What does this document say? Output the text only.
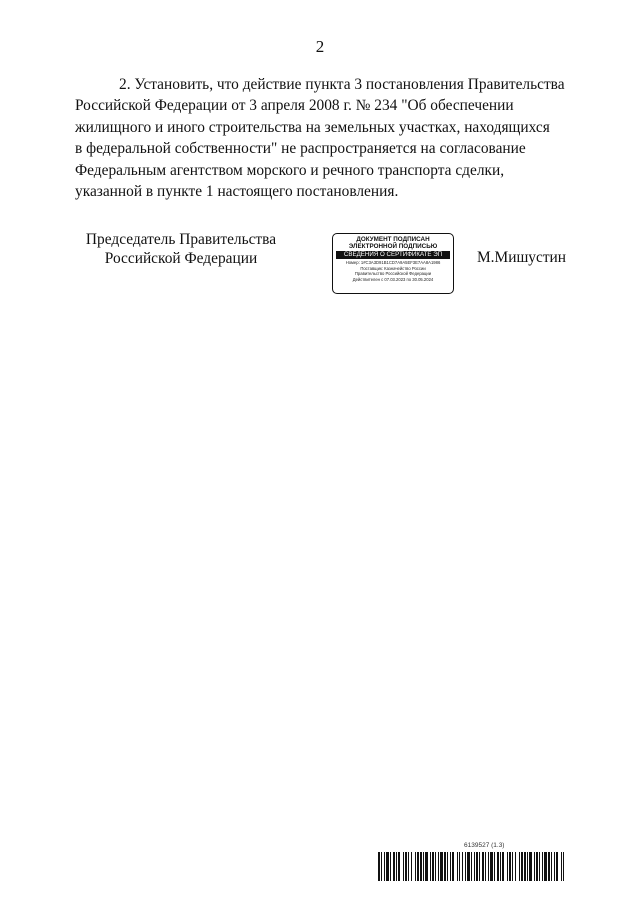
2

2. Установить, что действие пункта 3 постановления Правительства
Российской Федерации от 3 апреля 2008 г. № 234 "Об обеспечении
жилищного и иного строительства на земельных участках, находящихся
в федеральной собственности" не распространяется на согласование
Федеральным агентством морского и речного транспорта сделки,
указанной в пункте 1 настоящего постановления.

Председатель Правительства
Российской Федерации
ДОКУМЕНТ ПОДПИСАН
ЭЛЕКТРОННОЙ ПОДПИСЬЮ
СВЕДЕНИЯ О СЕРТИФИКАТЕ ЭП
Номер: 1#C3A3D91B1CD7A9A5EF3E7AA8A1986
Поставщик: Казначейство России
Правительство Российской Федерации
Действителен с 07.03.2023 по 30.05.2024
М.Мишустин
6139527 (1.3)
